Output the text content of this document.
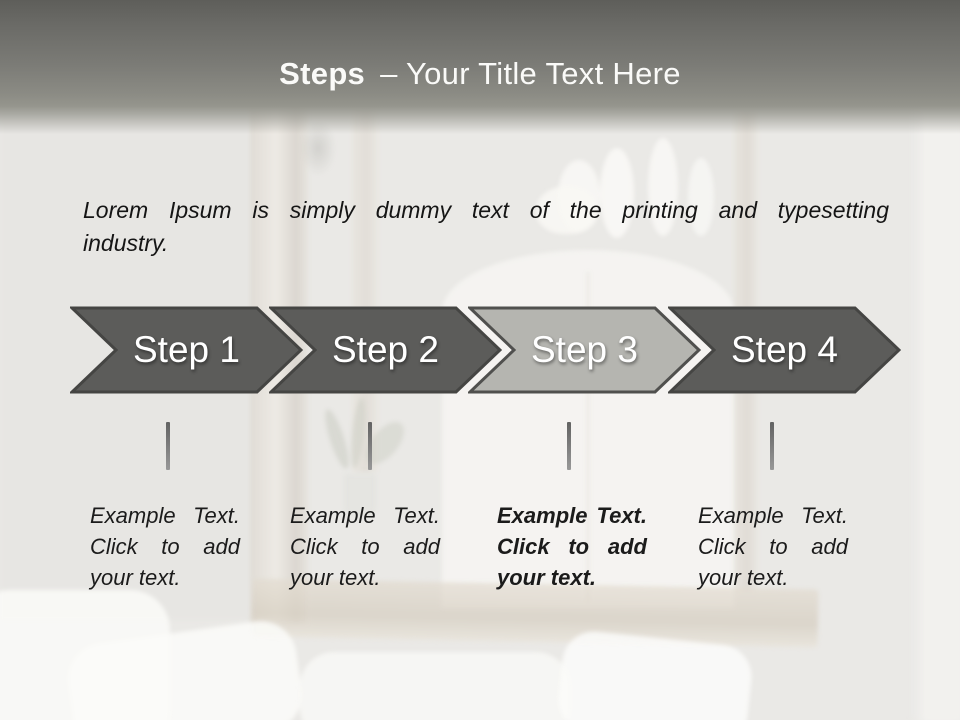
Steps – Your Title Text Here
Lorem Ipsum is simply dummy text of the printing and typesetting
industry.
Step 1	Step 2	Step 3	Step 4
Example Text.
Click to add
your text.
Example Text.
Click to add
your text.
Example Text.
Click to add
your text.
Example Text.
Click to add
your text.
